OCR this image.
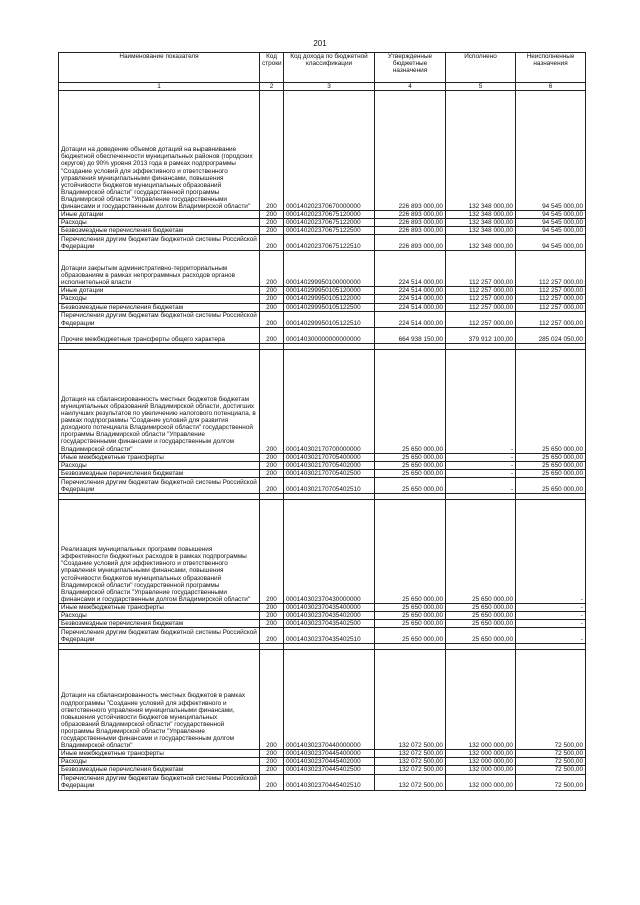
201
Наименование показателя	Код строки	Код дохода по бюджетной классификации	Утвержденные бюджетные назначения	Исполнено	Неисполненные назначения
1	2	3	4	5	6
Дотации на доведение объемов дотаций на выравнивание бюджетной обеспеченности муниципальных районов (городских округов) до 90% уровня 2013 года в рамках подпрограммы "Создание условий для эффективного и ответственного управления муниципальными финансами, повышения устойчивости бюджетов муниципальных образований Владимирской области" государственной программы Владимирской области "Управление государственными финансами и государственным долгом Владимирской области"	200	000140202370670000000	226 893 000,00	132 348 000,00	94 545 000,00
Иные дотации	200	000140202370675120000	226 893 000,00	132 348 000,00	94 545 000,00
Расходы	200	000140202370675122000	226 893 000,00	132 348 000,00	94 545 000,00
Безвозмездные перечисления бюджетам	200	000140202370675122500	226 893 000,00	132 348 000,00	94 545 000,00
Перечисления другим бюджетам бюджетной системы Российской Федерации	200	000140202370675122510	226 893 000,00	132 348 000,00	94 545 000,00
Дотации закрытым административно-территориальным образованиям в рамках непрограммных расходов органов исполнительной власти	200	000140299950100000000	224 514 000,00	112 257 000,00	112 257 000,00
Иные дотации	200	000140299950105120000	224 514 000,00	112 257 000,00	112 257 000,00
Расходы	200	000140299950105122000	224 514 000,00	112 257 000,00	112 257 000,00
Безвозмездные перечисления бюджетам	200	000140299950105122500	224 514 000,00	112 257 000,00	112 257 000,00
Перечисления другим бюджетам бюджетной системы Российской Федерации	200	000140299950105122510	224 514 000,00	112 257 000,00	112 257 000,00
Прочие межбюджетные трансферты общего характера	200	000140300000000000000	664 938 150,00	379 912 100,00	285 024 050,00

Дотация на сбалансированность местных бюджетов бюджетам муниципальных образований Владимирской области, достигших наилучших результатов по увеличению налогового потенциала, в рамках подпрограммы "Создание условий для развития доходного потенциала Владимирской области" государственной программы Владимирской области "Управление государственными финансами и государственным долгом Владимирской области"	200	000140302170700000000	25 650 000,00	-	25 650 000,00
Иные межбюджетные трансферты	200	000140302170705400000	25 650 000,00	-	25 650 000,00
Расходы	200	000140302170705402000	25 650 000,00	-	25 650 000,00
Безвозмездные перечисления бюджетам	200	000140302170705402500	25 650 000,00	-	25 650 000,00
Перечисления другим бюджетам бюджетной системы Российской Федерации	200	000140302170705402510	25 650 000,00	-	25 650 000,00

Реализация муниципальных программ повышения эффективности бюджетных расходов в рамках подпрограммы "Создание условий для эффективного и ответственного управления муниципальными финансами, повышения устойчивости бюджетов муниципальных образований Владимирской области" государственной программы Владимирской области "Управление государственными финансами и государственным долгом Владимирской области"	200	000140302370430000000	25 650 000,00	25 650 000,00	-
Иные межбюджетные трансферты	200	000140302370435400000	25 650 000,00	25 650 000,00	-
Расходы	200	000140302370435402000	25 650 000,00	25 650 000,00	-
Безвозмездные перечисления бюджетам	200	000140302370435402500	25 650 000,00	25 650 000,00	-
Перечисления другим бюджетам бюджетной системы Российской Федерации	200	000140302370435402510	25 650 000,00	25 650 000,00	-

Дотации на сбалансированность местных бюджетов в рамках подпрограммы "Создание условий для эффективного и ответственного управления муниципальными финансами, повышения устойчивости бюджетов муниципальных образований Владимирской области" государственной программы Владимирской области "Управление государственными финансами и государственным долгом Владимирской области"	200	000140302370440000000	132 072 500,00	132 000 000,00	72 500,00
Иные межбюджетные трансферты	200	000140302370445400000	132 072 500,00	132 000 000,00	72 500,00
Расходы	200	000140302370445402000	132 072 500,00	132 000 000,00	72 500,00
Безвозмездные перечисления бюджетам	200	000140302370445402500	132 072 500,00	132 000 000,00	72 500,00
Перечисления другим бюджетам бюджетной системы Российской Федерации	200	000140302370445402510	132 072 500,00	132 000 000,00	72 500,00
